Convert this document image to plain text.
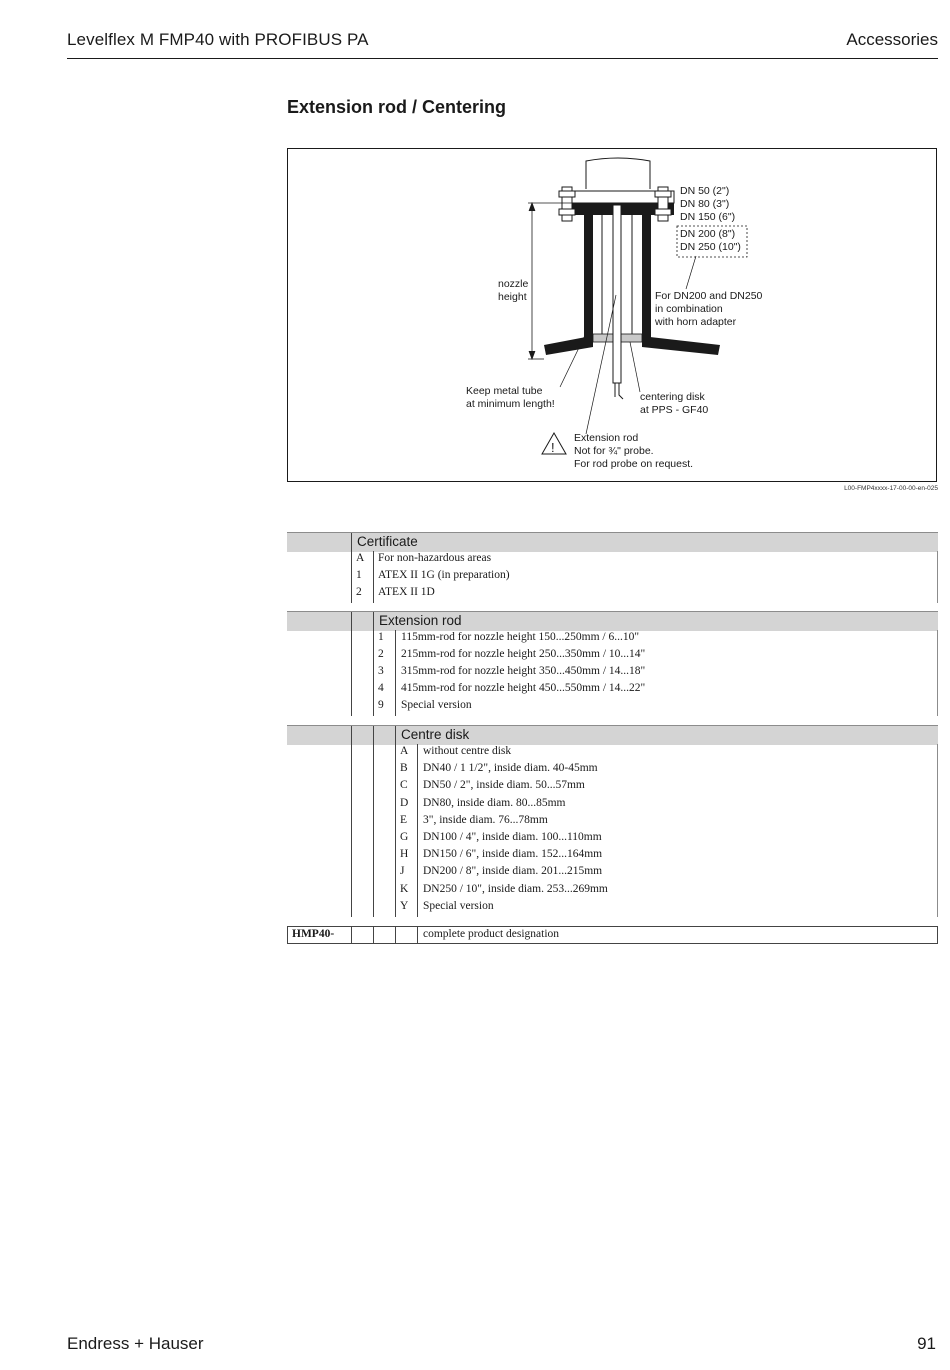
Levelflex M FMP40 with PROFIBUS PA	Accessories
Extension rod / Centering
DN 50 (2")
DN 80 (3")
DN 150 (6")
DN 200 (8")
DN 250 (10")
For DN200 and DN250
in combination
with horn adapter
nozzle
height
Keep metal tube
at minimum length!
centering disk
at PPS - GF40
!
Extension rod
Not for ¾" probe.
For rod probe on request.
L00-FMP4xxxx-17-00-00-en-025
Certificate
A For non-hazardous areas
1 ATEX II 1G (in preparation)
2 ATEX II 1D
Extension rod
1 115mm-rod for nozzle height 150...250mm / 6...10"
2 215mm-rod for nozzle height 250...350mm / 10...14"
3 315mm-rod for nozzle height 350...450mm / 14...18"
4 415mm-rod for nozzle height 450...550mm / 14...22"
9 Special version
Centre disk
A without centre disk
B DN40 / 1 1/2", inside diam. 40-45mm
C DN50 / 2", inside diam. 50...57mm
D DN80, inside diam. 80...85mm
E 3", inside diam. 76...78mm
G DN100 / 4", inside diam. 100...110mm
H DN150 / 6", inside diam. 152...164mm
J DN200 / 8", inside diam. 201...215mm
K DN250 / 10", inside diam. 253...269mm
Y Special version
HMP40-	complete product designation
Endress + Hauser	91
